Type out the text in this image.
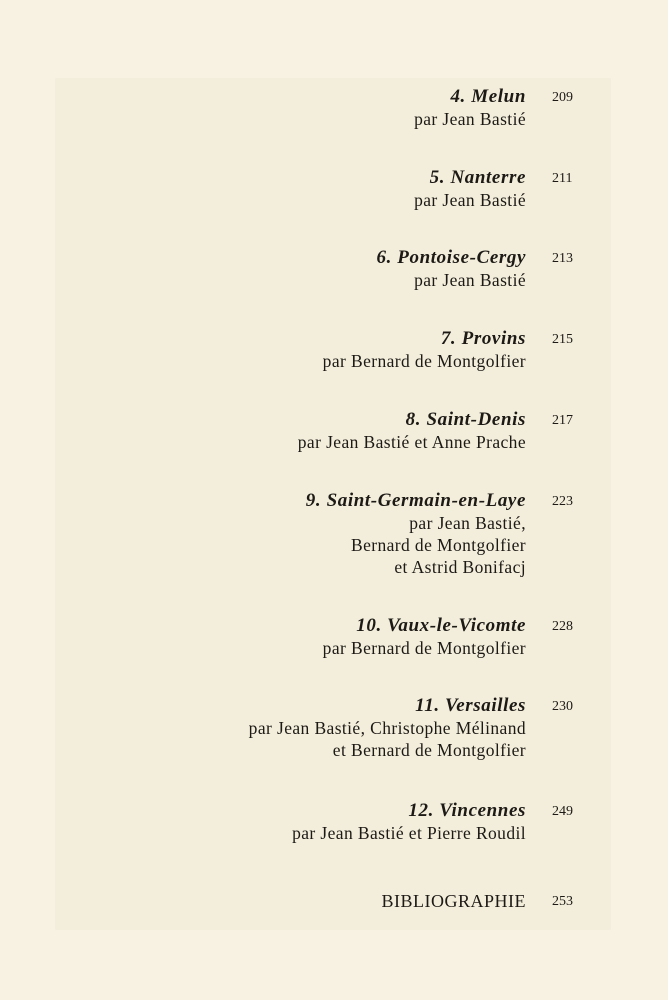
4. Melun 209
par Jean Bastié
5. Nanterre 211
par Jean Bastié
6. Pontoise-Cergy 213
par Jean Bastié
7. Provins 215
par Bernard de Montgolfier
8. Saint-Denis 217
par Jean Bastié et Anne Prache
9. Saint-Germain-en-Laye 223
par Jean Bastié,
Bernard de Montgolfier
et Astrid Bonifacj
10. Vaux-le-Vicomte 228
par Bernard de Montgolfier
11. Versailles 230
par Jean Bastié, Christophe Mélinand
et Bernard de Montgolfier
12. Vincennes 249
par Jean Bastié et Pierre Roudil
BIBLIOGRAPHIE 253
